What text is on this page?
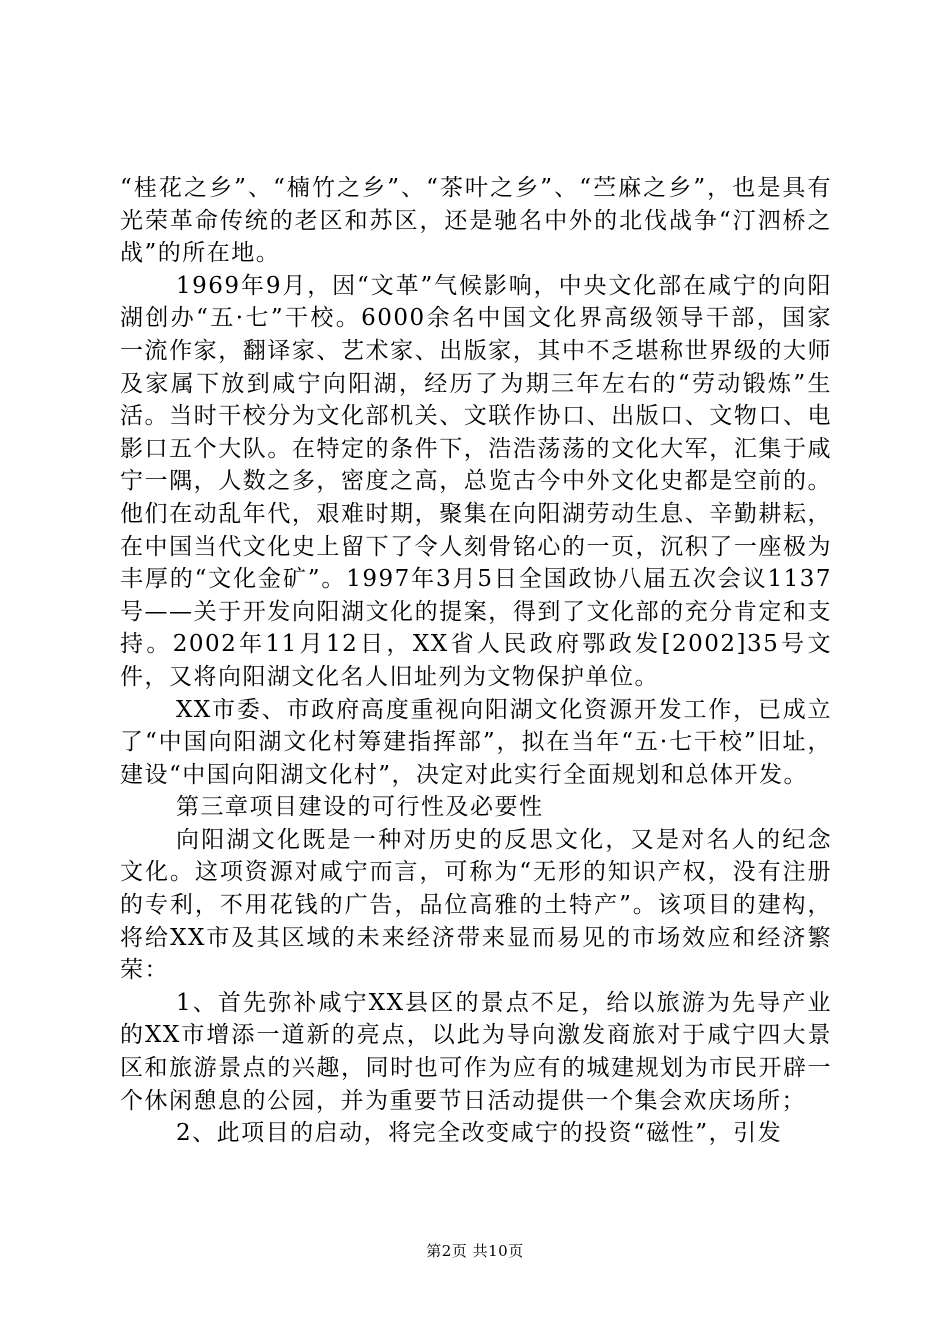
“桂花之乡”、“楠竹之乡”、“茶叶之乡”、“苎麻之乡”，也是具有光荣革命传统的老区和苏区，还是驰名中外的北伐战争“汀泗桥之战”的所在地。

1969年9月，因“文革”气候影响，中央文化部在咸宁的向阳湖创办“五·七”干校。6000余名中国文化界高级领导干部，国家一流作家，翻译家、艺术家、出版家，其中不乏堪称世界级的大师及家属下放到咸宁向阳湖，经历了为期三年左右的“劳动锻炼”生活。当时干校分为文化部机关、文联作协口、出版口、文物口、电影口五个大队。在特定的条件下，浩浩荡荡的文化大军，汇集于咸宁一隅，人数之多，密度之高，总览古今中外文化史都是空前的。他们在动乱年代，艰难时期，聚集在向阳湖劳动生息、辛勤耕耘，在中国当代文化史上留下了令人刻骨铭心的一页，沉积了一座极为丰厚的“文化金矿”。1997年3月5日全国政协八届五次会议1137号——关于开发向阳湖文化的提案，得到了文化部的充分肯定和支持。2002年11月12日，XX省人民政府鄂政发[2002]35号文件，又将向阳湖文化名人旧址列为文物保护单位。

XX市委、市政府高度重视向阳湖文化资源开发工作，已成立了“中国向阳湖文化村筹建指挥部”，拟在当年“五·七干校”旧址，建设“中国向阳湖文化村”，决定对此实行全面规划和总体开发。

第三章项目建设的可行性及必要性

向阳湖文化既是一种对历史的反思文化，又是对名人的纪念文化。这项资源对咸宁而言，可称为“无形的知识产权，没有注册的专利，不用花钱的广告，品位高雅的土特产”。该项目的建构，将给XX市及其区域的未来经济带来显而易见的市场效应和经济繁荣：

1、首先弥补咸宁XX县区的景点不足，给以旅游为先导产业的XX市增添一道新的亮点，以此为导向激发商旅对于咸宁四大景区和旅游景点的兴趣，同时也可作为应有的城建规划为市民开辟一个休闲憩息的公园，并为重要节日活动提供一个集会欢庆场所；

2、此项目的启动，将完全改变咸宁的投资“磁性”，引发

第2页 共10页
